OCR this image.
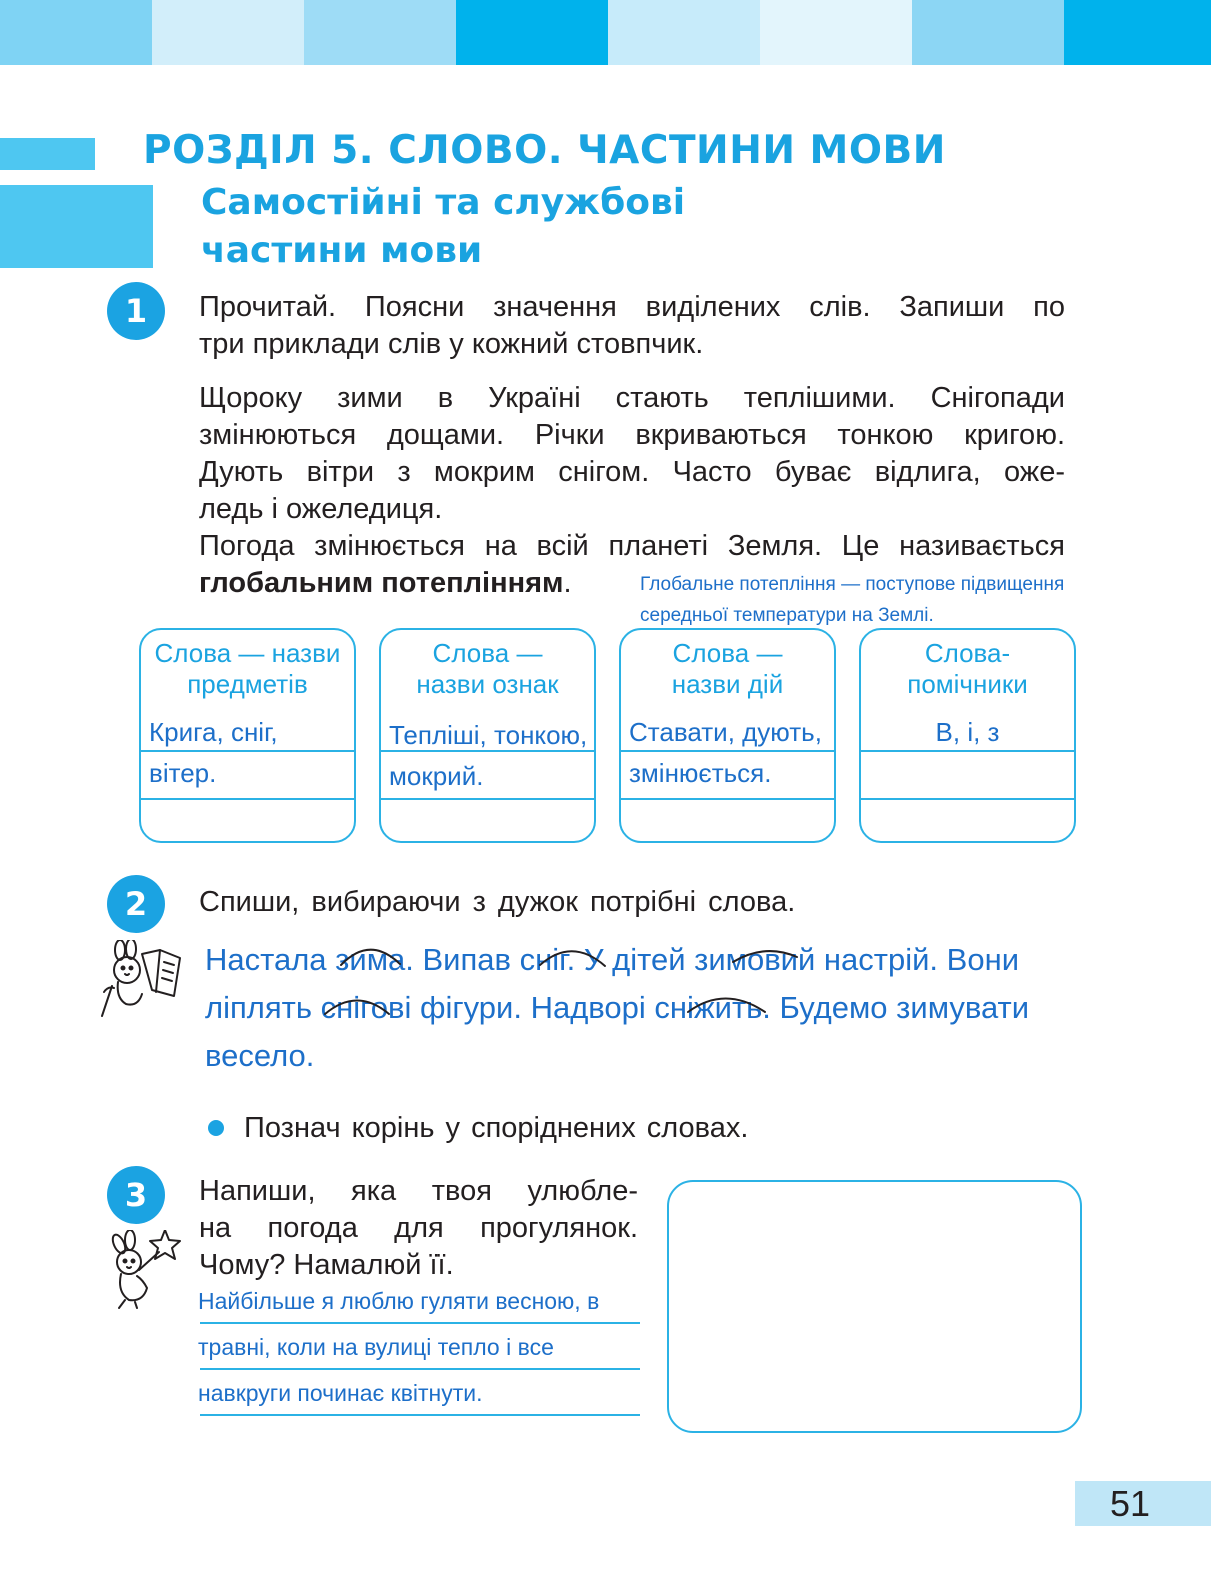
РОЗДІЛ 5. СЛОВО. ЧАСТИНИ МОВИ
Самостійні та службові
частини мови
1	Прочитай. Поясни значення виділених слів. Запиши по
три приклади слів у кожний стовпчик.
Щороку зими в Україні стають теплішими. Снігопади
змінюються дощами. Річки вкриваються тонкою кригою.
Дують вітри з мокрим снігом. Часто буває відлига, оже-
ледь і ожеледиця.
Погода змінюється на всій планеті Земля. Це називається
глобальним потеплінням.	Глобальне потепління — поступове підвищення
середньої температури на Землі.
Слова — назви
предметів
Крига, сніг,
вітер.
Слова —
назви ознак
Тепліші, тонкою,
мокрий.
Слова —
назви дій
Ставати, дують,
змінюється.
Слова-
помічники
В, і, з
2	Спиши, вибираючи з дужок потрібні слова.
Настала зима. Випав сніг. У дітей зимовий настрій. Вони
ліплять снігові фігури. Надворі сніжить. Будемо зимувати
весело.
Познач корінь у споріднених словах.
3	Напиши, яка твоя улюбле-
на погода для прогулянок.
Чому? Намалюй її.
Найбільше я люблю гуляти весною, в
травні, коли на вулиці тепло і все
навкруги починає квітнути.
51
